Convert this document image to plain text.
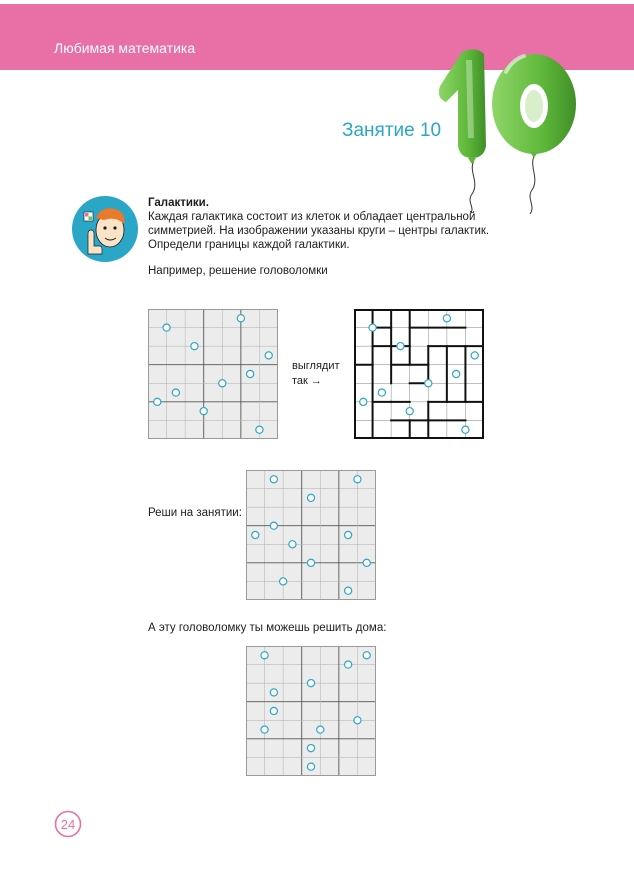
Любимая математика
Занятие 10
Галактики.
Каждая галактика состоит из клеток и обладает центральной
симметрией. На изображении указаны круги – центры галактик.
Определи границы каждой галактики.
Например, решение головоломки
выглядит
так →
Реши на занятии:
А эту головоломку ты можешь решить дома:
24
